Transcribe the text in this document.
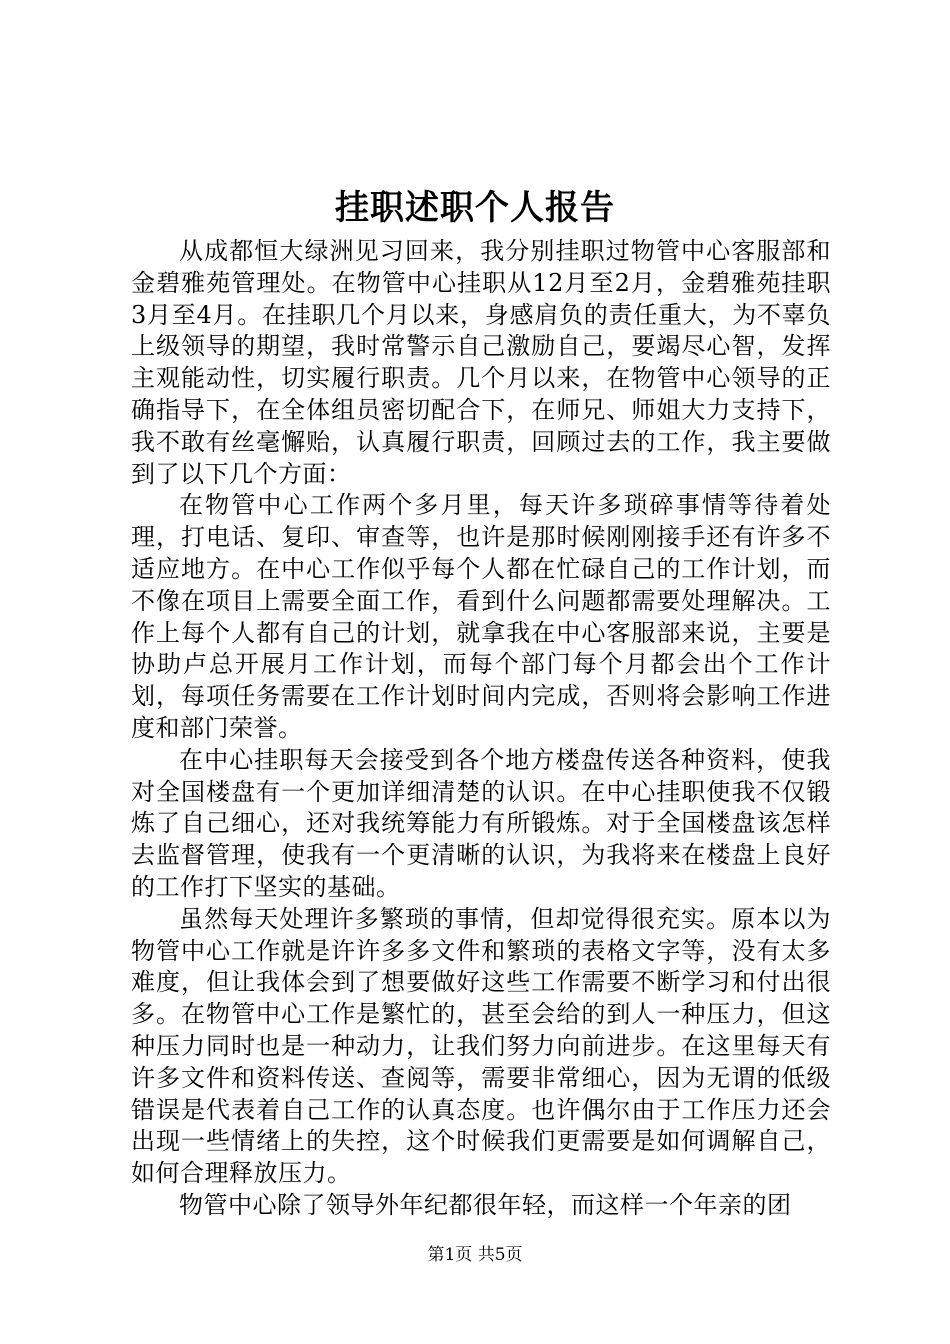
挂职述职个人报告

从成都恒大绿洲见习回来，我分别挂职过物管中心客服部和金碧雅苑管理处。在物管中心挂职从12月至2月，金碧雅苑挂职3月至4月。在挂职几个月以来，身感肩负的责任重大，为不辜负上级领导的期望，我时常警示自己激励自己，要竭尽心智，发挥主观能动性，切实履行职责。几个月以来，在物管中心领导的正确指导下，在全体组员密切配合下，在师兄、师姐大力支持下，我不敢有丝毫懈贻，认真履行职责，回顾过去的工作，我主要做到了以下几个方面：

在物管中心工作两个多月里，每天许多琐碎事情等待着处理，打电话、复印、审查等，也许是那时候刚刚接手还有许多不适应地方。在中心工作似乎每个人都在忙碌自己的工作计划，而不像在项目上需要全面工作，看到什么问题都需要处理解决。工作上每个人都有自己的计划，就拿我在中心客服部来说，主要是协助卢总开展月工作计划，而每个部门每个月都会出个工作计划，每项任务需要在工作计划时间内完成，否则将会影响工作进度和部门荣誉。

在中心挂职每天会接受到各个地方楼盘传送各种资料，使我对全国楼盘有一个更加详细清楚的认识。在中心挂职使我不仅锻炼了自己细心，还对我统筹能力有所锻炼。对于全国楼盘该怎样去监督管理，使我有一个更清晰的认识，为我将来在楼盘上良好的工作打下坚实的基础。

虽然每天处理许多繁琐的事情，但却觉得很充实。原本以为物管中心工作就是许许多多文件和繁琐的表格文字等，没有太多难度，但让我体会到了想要做好这些工作需要不断学习和付出很多。在物管中心工作是繁忙的，甚至会给的到人一种压力，但这种压力同时也是一种动力，让我们努力向前进步。在这里每天有许多文件和资料传送、查阅等，需要非常细心，因为无谓的低级错误是代表着自己工作的认真态度。也许偶尔由于工作压力还会出现一些情绪上的失控，这个时候我们更需要是如何调解自己，如何合理释放压力。

物管中心除了领导外年纪都很年轻，而这样一个年亲的团

第1页 共5页
